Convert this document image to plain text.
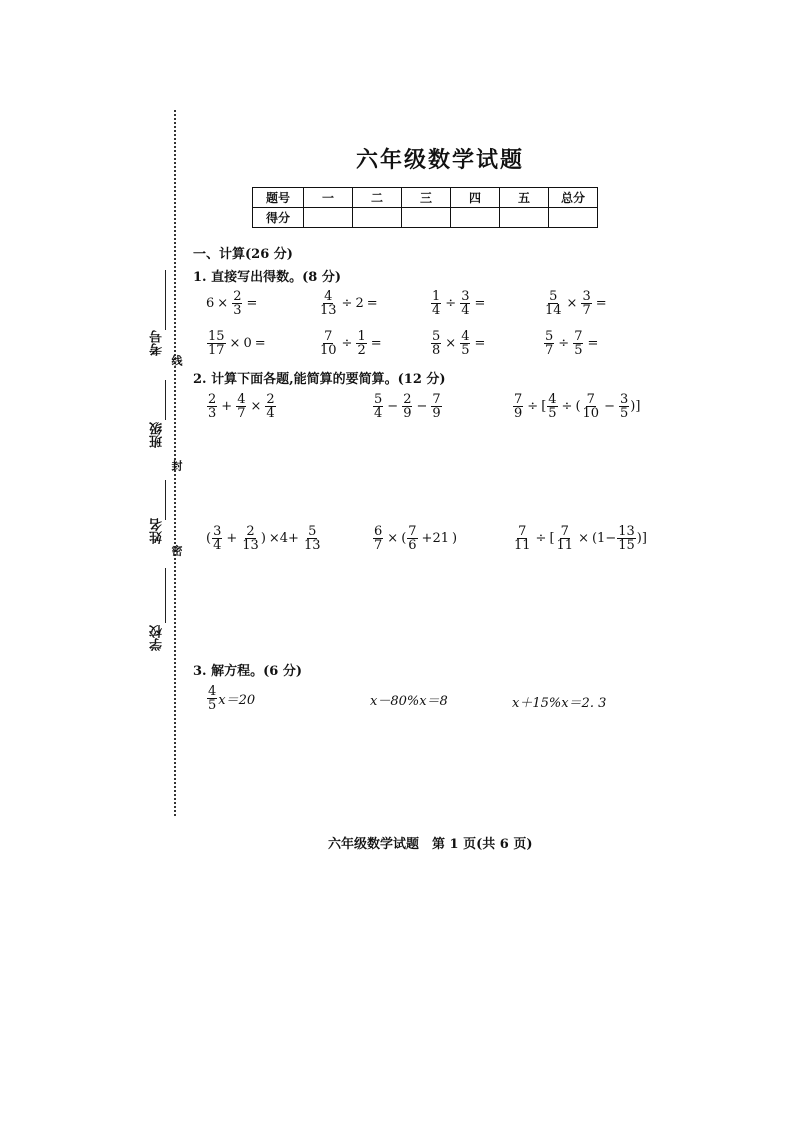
考号
线
班级
封
姓名
密
学校
六年级数学试题
题号	一	二	三	四	五	总分
得分						
一、计算(26 分)
1. 直接写出得数。(8 分)
$6 \times \frac{2}{3}$ =	$\frac{4}{13} \div 2$ =	$\frac{1}{4} \div \frac{3}{4}$ =	$\frac{5}{14} \times \frac{3}{7}$ =
$\frac{15}{17} \times 0$ =	$\frac{7}{10} \div \frac{1}{2}$ =	$\frac{5}{8} \times \frac{4}{5}$ =	$\frac{5}{7} \div \frac{7}{5}$ =
2. 计算下面各题,能简算的要简算。(12 分)
$\frac{2}{3} + \frac{4}{7} \times \frac{2}{4}$	$\frac{5}{4} - \frac{2}{9} - \frac{7}{9}$	$\frac{7}{9}$ ÷ [ $\frac{4}{5}$ ÷ ( $\frac{7}{10} - \frac{3}{5}$ ) ]
( $\frac{3}{4} + \frac{2}{13}$ ) $\times 4+ \frac{5}{13}$	$\frac{6}{7}$ × ( $\frac{7}{6} +21$ )	$\frac{7}{11}$ ÷ [ $\frac{7}{11} \times (1- \frac{13}{15}$ ) ]
3. 解方程。(6 分)
$\frac{4}{5} x=20$	x－80%x＝8	x＋15%x＝2. 3
六年级数学试题　第 1 页(共 6 页)
